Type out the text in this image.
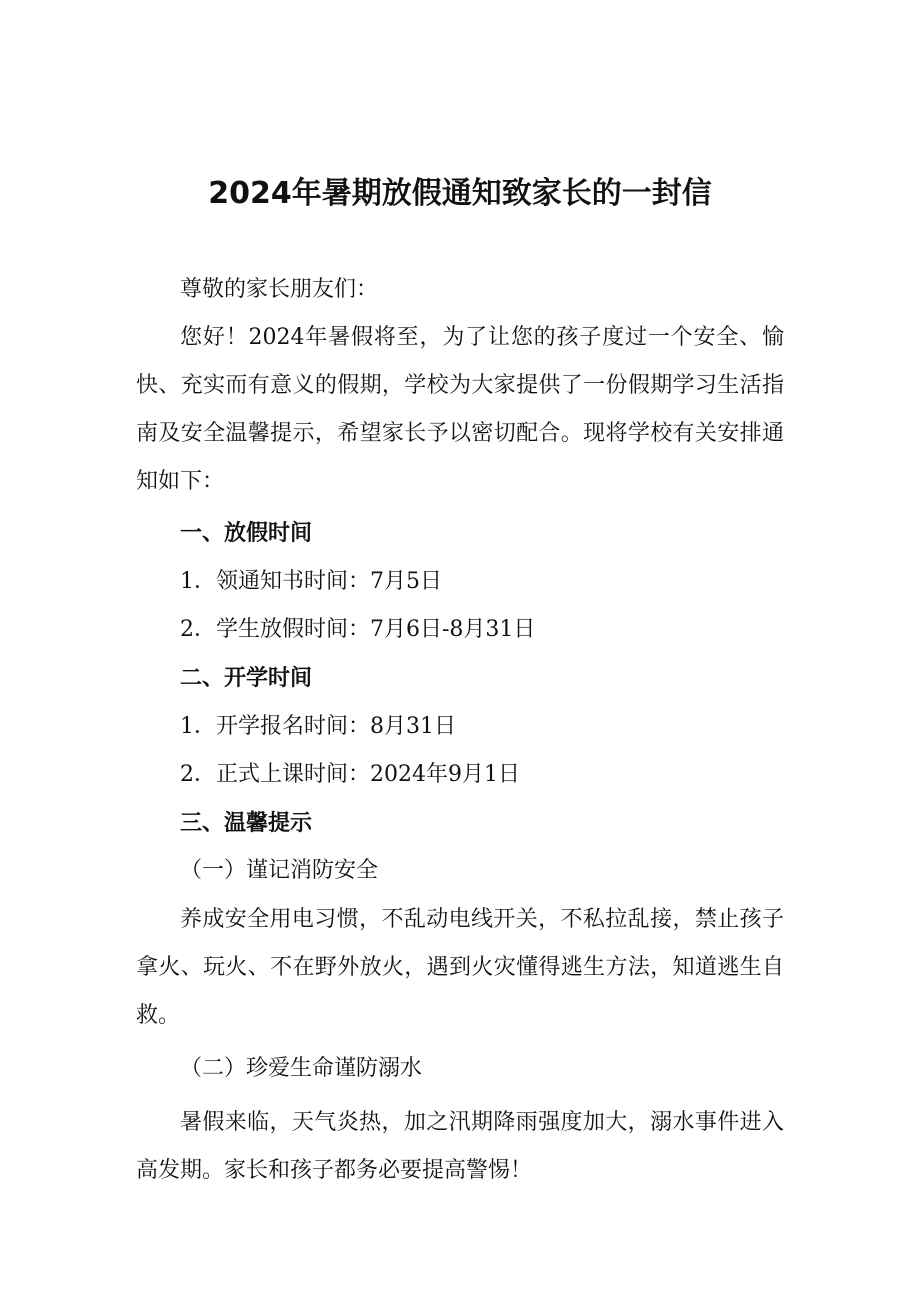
2024年暑期放假通知致家长的一封信
尊敬的家长朋友们：
您好！2024年暑假将至，为了让您的孩子度过一个安全、愉快、充实而有意义的假期，学校为大家提供了一份假期学习生活指南及安全温馨提示，希望家长予以密切配合。现将学校有关安排通知如下：
一、放假时间
1．领通知书时间：7月5日
2．学生放假时间：7月6日-8月31日
二、开学时间
1．开学报名时间：8月31日
2．正式上课时间：2024年9月1日
三、温馨提示
（一）谨记消防安全
养成安全用电习惯，不乱动电线开关，不私拉乱接，禁止孩子拿火、玩火、不在野外放火，遇到火灾懂得逃生方法，知道逃生自救。
（二）珍爱生命谨防溺水
暑假来临，天气炎热，加之汛期降雨强度加大，溺水事件进入高发期。家长和孩子都务必要提高警惕！
